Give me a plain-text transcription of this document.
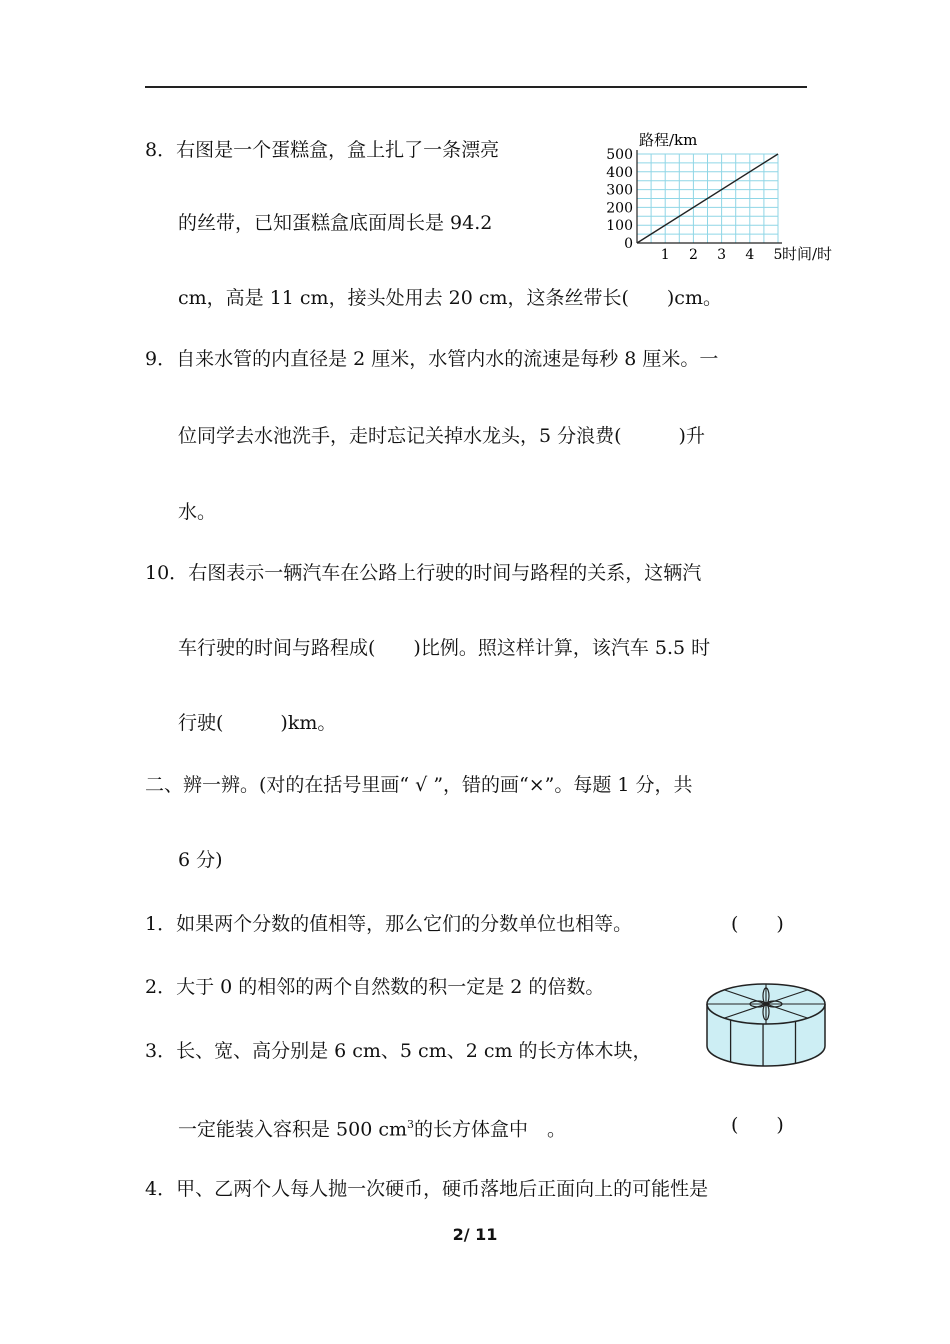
8．右图是一个蛋糕盒，盒上扎了一条漂亮
的丝带，已知蛋糕盒底面周长是 94.2
cm，高是 11 cm，接头处用去 20 cm，这条丝带长(　　)cm。
0
100
200
300
400
500
1 2 3 4 5
路程/km
时间/时
9．自来水管的内直径是 2 厘米，水管内水的流速是每秒 8 厘米。一
位同学去水池洗手，走时忘记关掉水龙头，5 分浪费(　　　)升
水。
10．右图表示一辆汽车在公路上行驶的时间与路程的关系，这辆汽
车行驶的时间与路程成(　　)比例。照这样计算，该汽车 5.5 时
行驶(　　　)km。
二、辨一辨。(对的在括号里画“ √ ”，错的画“×”。每题 1 分，共
6 分)
1．如果两个分数的值相等，那么它们的分数单位也相等。	(　　)
2．大于 0 的相邻的两个自然数的积一定是 2 的倍数。
3．长、宽、高分别是 6 cm、5 cm、2 cm 的长方体木块，
一定能装入容积是 500 $cm^3$的长方体盒中　。	(　　)
4．甲、乙两个人每人抛一次硬币，硬币落地后正面向上的可能性是
2/ 11
